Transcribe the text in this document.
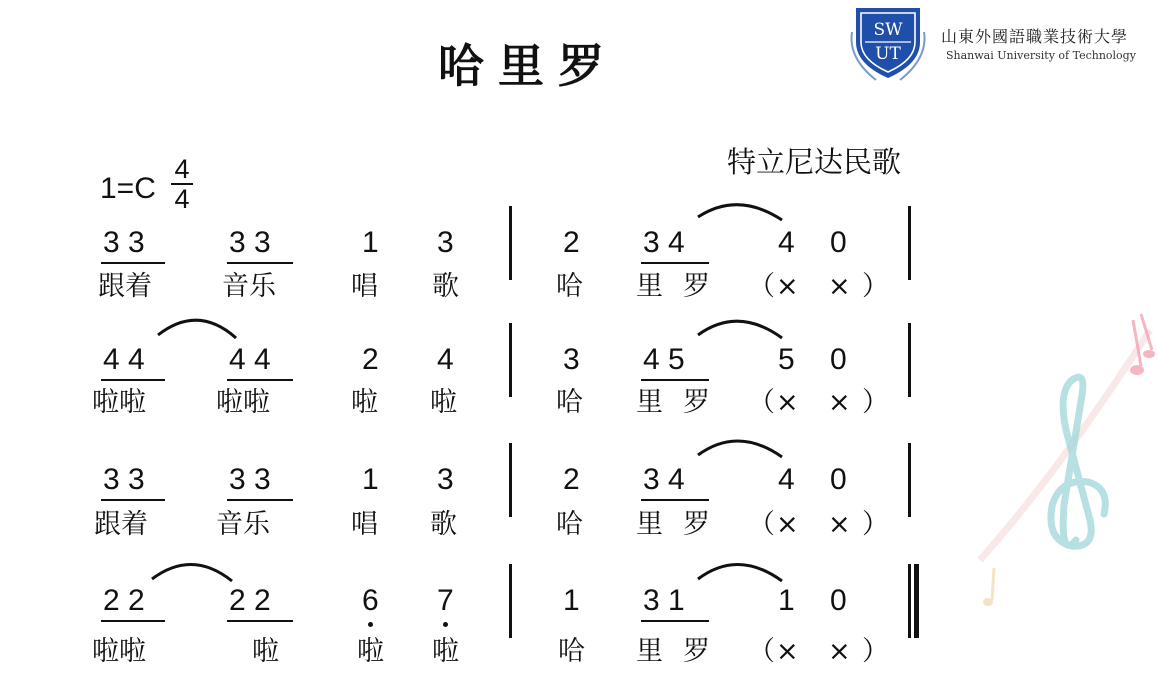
哈里罗
特立尼达民歌
1=C
4
4
SW
UT
山東外國語職業技術大學
Shanwai University of Technology
3 3	3 3	1 3	2 3 4	4 0
跟着	音乐	唱 歌	哈 里 罗 （ × × ）
4 4	4 4	2 4	3 4 5	5 0
啦啦	啦啦	啦 啦	哈 里 罗 （ × × ）
3 3	3 3	1 3	2 3 4	4 0
跟着	音乐	唱 歌	哈 里 罗 （ × × ）
2 2	2 2	6 7	1 3 1	1 0
啦啦	啦	啦 啦	哈 里 罗 （ × × ）
